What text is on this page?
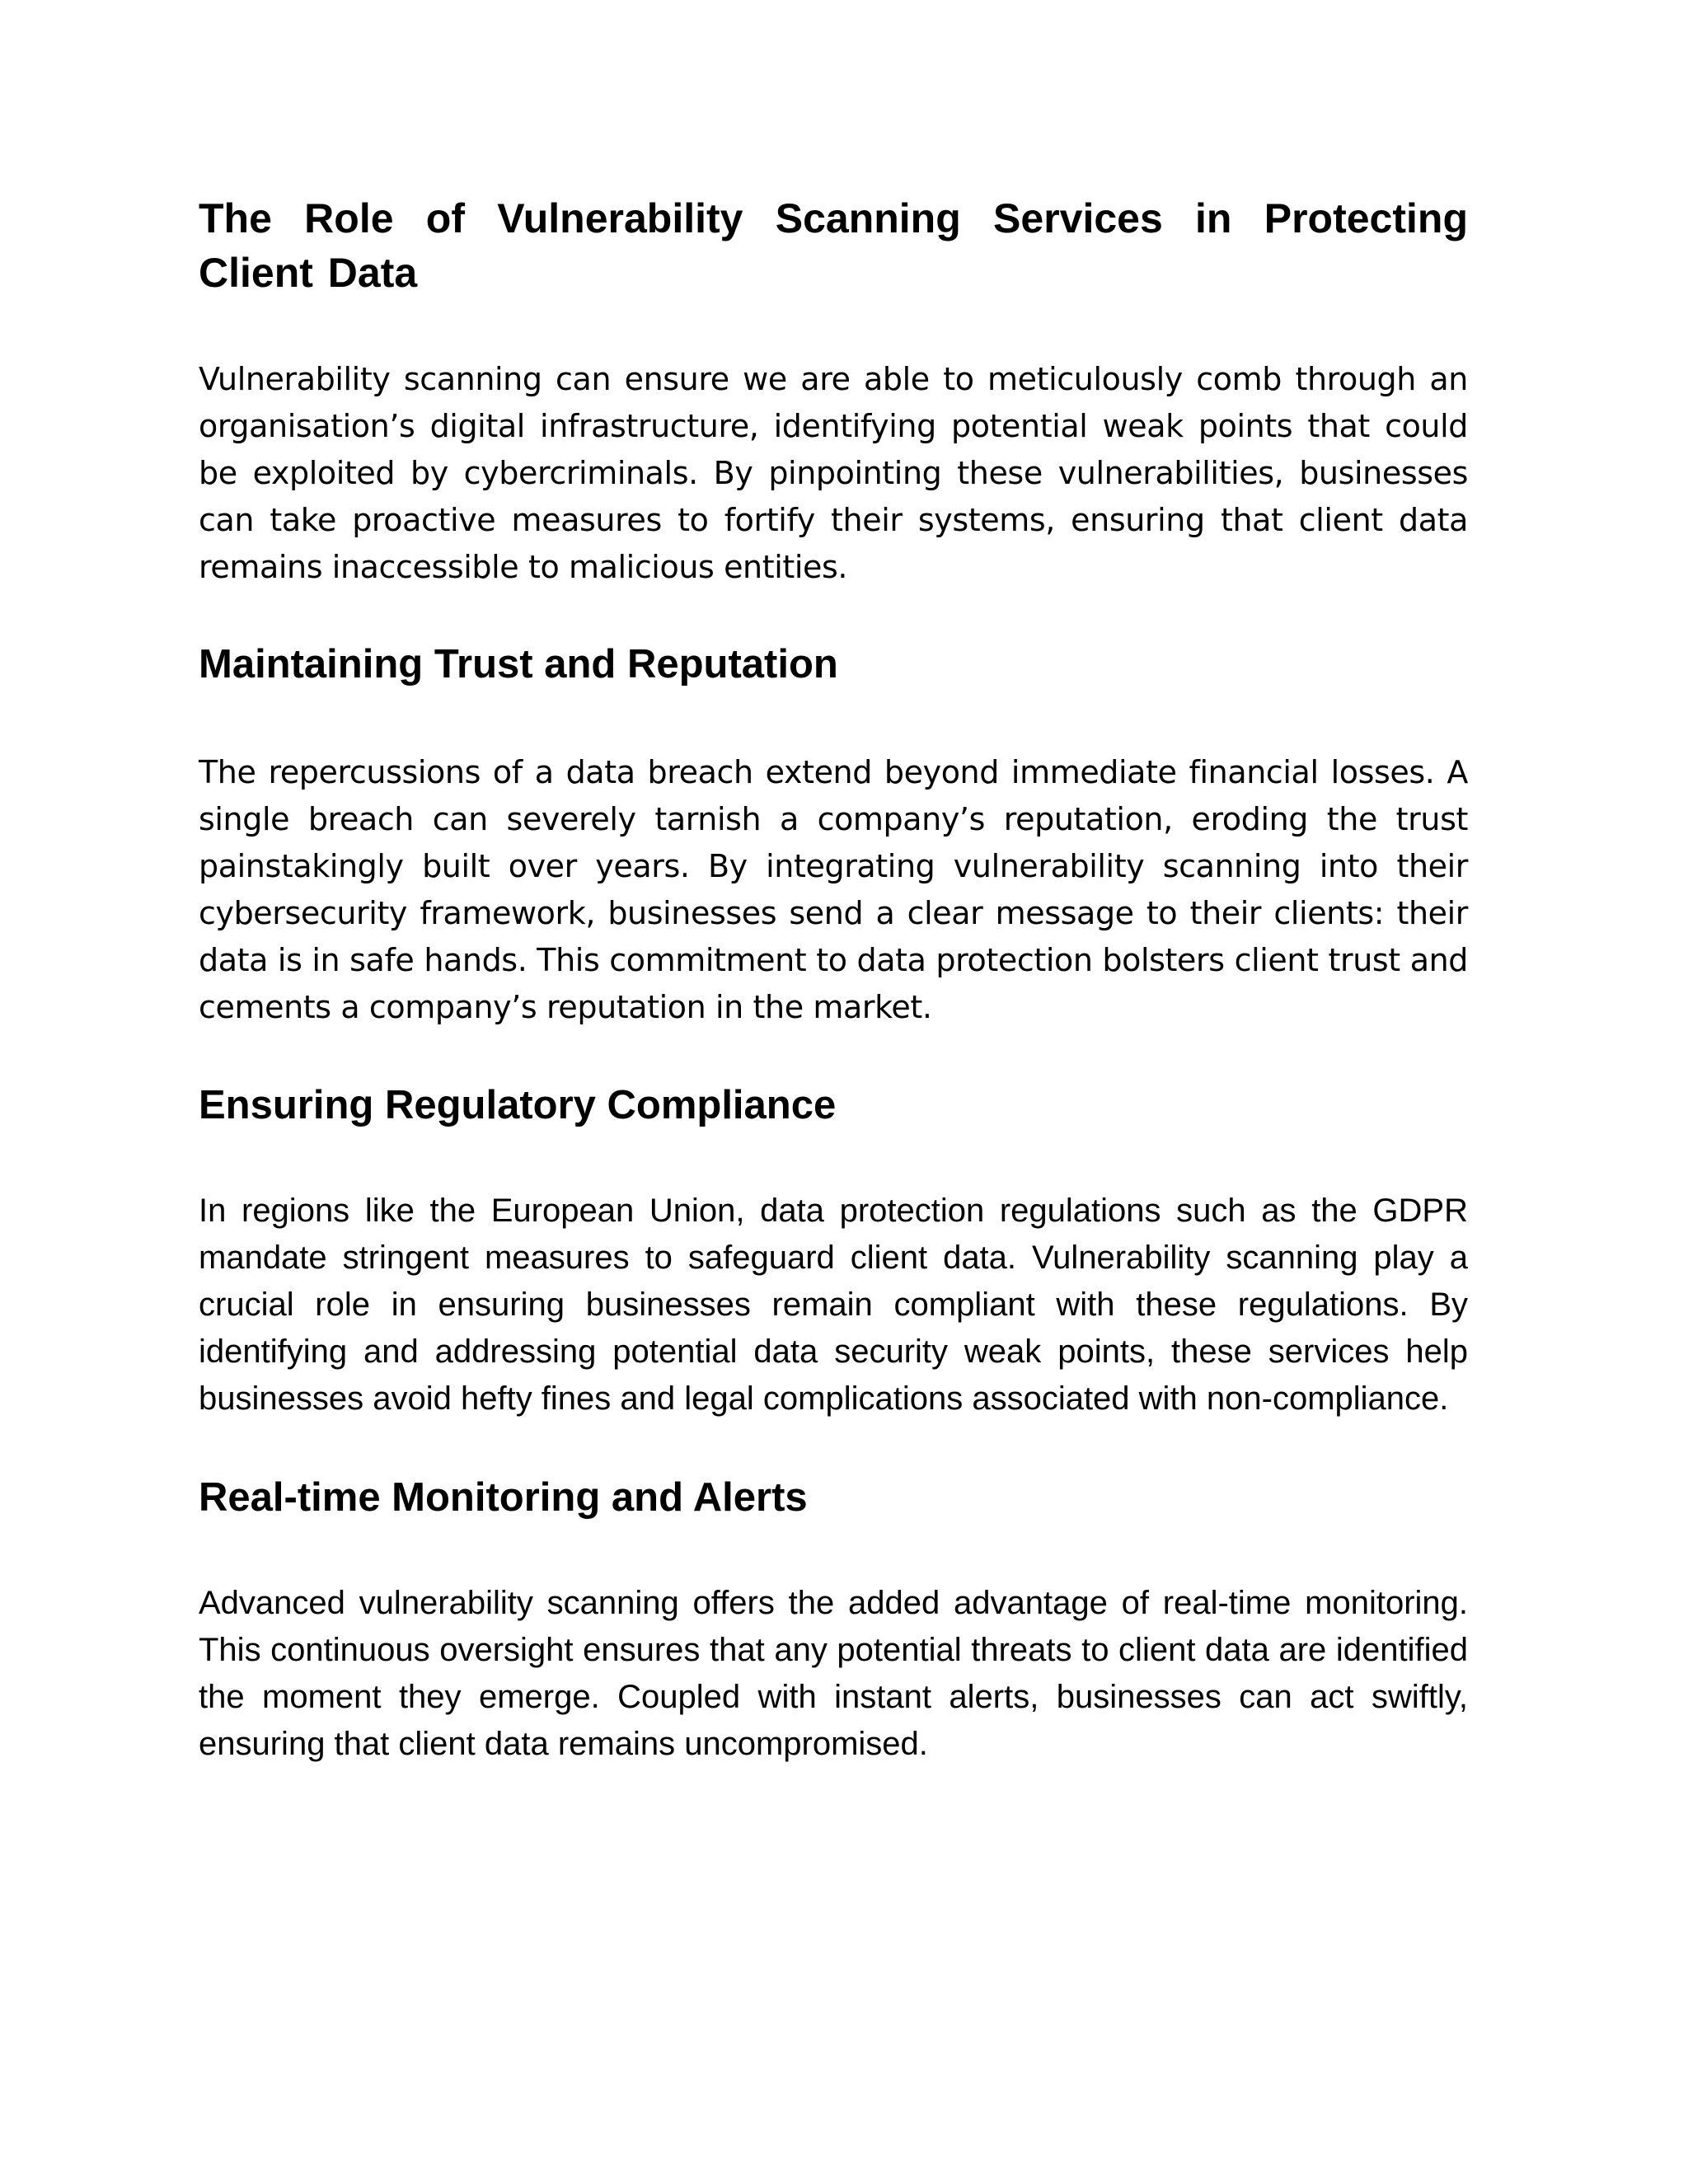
The Role of Vulnerability Scanning Services in Protecting Client Data

Vulnerability scanning can ensure we are able to meticulously comb through an organisation’s digital infrastructure, identifying potential weak points that could be exploited by cybercriminals. By pinpointing these vulnerabilities, businesses can take proactive measures to fortify their systems, ensuring that client data remains inaccessible to malicious entities.

Maintaining Trust and Reputation

The repercussions of a data breach extend beyond immediate financial losses. A single breach can severely tarnish a company’s reputation, eroding the trust painstakingly built over years. By integrating vulnerability scanning into their cybersecurity framework, businesses send a clear message to their clients: their data is in safe hands. This commitment to data protection bolsters client trust and cements a company’s reputation in the market.

Ensuring Regulatory Compliance

In regions like the European Union, data protection regulations such as the GDPR mandate stringent measures to safeguard client data. Vulnerability scanning play a crucial role in ensuring businesses remain compliant with these regulations. By identifying and addressing potential data security weak points, these services help businesses avoid hefty fines and legal complications associated with non-compliance.

Real-time Monitoring and Alerts

Advanced vulnerability scanning offers the added advantage of real-time monitoring. This continuous oversight ensures that any potential threats to client data are identified the moment they emerge. Coupled with instant alerts, businesses can act swiftly, ensuring that client data remains uncompromised.
